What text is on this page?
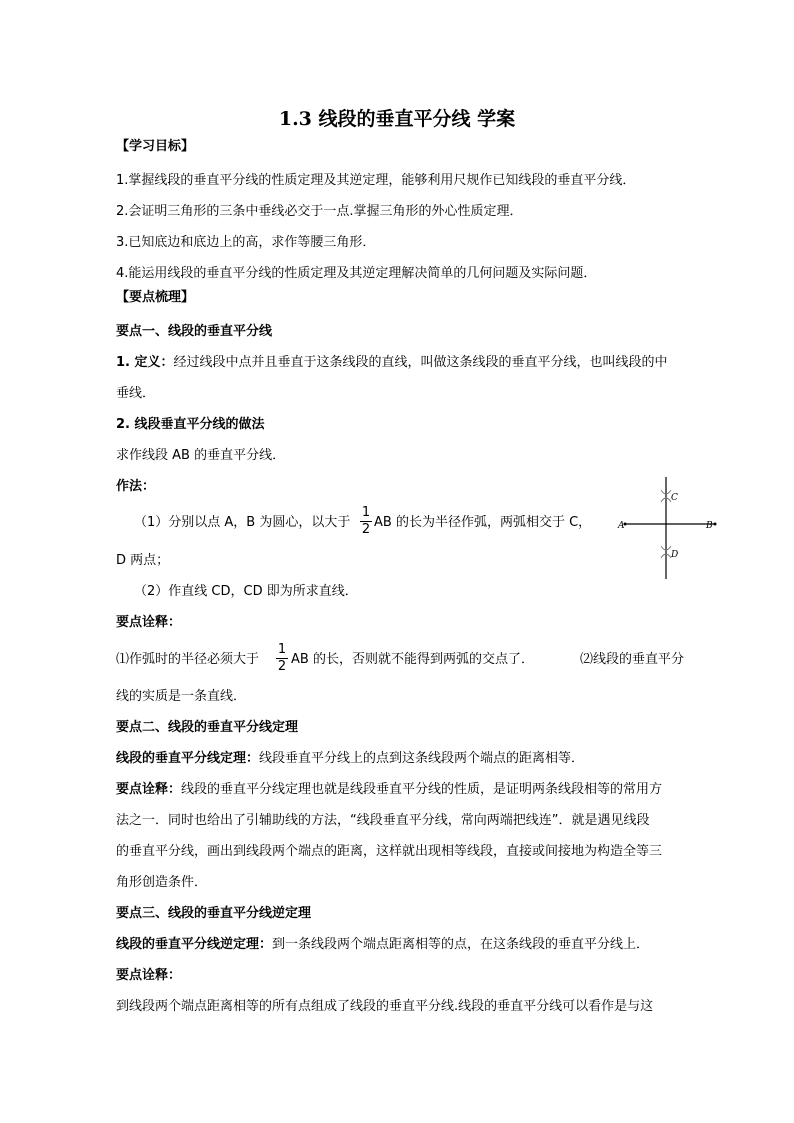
1.3 线段的垂直平分线 学案
【学习目标】
1.掌握线段的垂直平分线的性质定理及其逆定理，能够利用尺规作已知线段的垂直平分线．
2.会证明三角形的三条中垂线必交于一点.掌握三角形的外心性质定理．
3.已知底边和底边上的高，求作等腰三角形．
4.能运用线段的垂直平分线的性质定理及其逆定理解决简单的几何问题及实际问题．
【要点梳理】
要点一、线段的垂直平分线
1. 定义：经过线段中点并且垂直于这条线段的直线，叫做这条线段的垂直平分线，也叫线段的中
垂线．
2. 线段垂直平分线的做法
求作线段 AB 的垂直平分线．
作法：
（1）分别以点 A，B 为圆心，以大于
1
2 AB 的长为半径作弧，两弧相交于 C，
D 两点；
（2）作直线 CD，CD 即为所求直线．
A	B
C
D
要点诠释：
⑴作弧时的半径必须大于
1
2 AB 的长，否则就不能得到两弧的交点了．	⑵线段的垂直平分
线的实质是一条直线．
要点二、线段的垂直平分线定理
线段的垂直平分线定理：线段垂直平分线上的点到这条线段两个端点的距离相等．
要点诠释：线段的垂直平分线定理也就是线段垂直平分线的性质，是证明两条线段相等的常用方
法之一．同时也给出了引辅助线的方法，“线段垂直平分线，常向两端把线连”．就是遇见线段
的垂直平分线，画出到线段两个端点的距离，这样就出现相等线段，直接或间接地为构造全等三
角形创造条件．
要点三、线段的垂直平分线逆定理
线段的垂直平分线逆定理：到一条线段两个端点距离相等的点，在这条线段的垂直平分线上．
要点诠释：
到线段两个端点距离相等的所有点组成了线段的垂直平分线.线段的垂直平分线可以看作是与这
